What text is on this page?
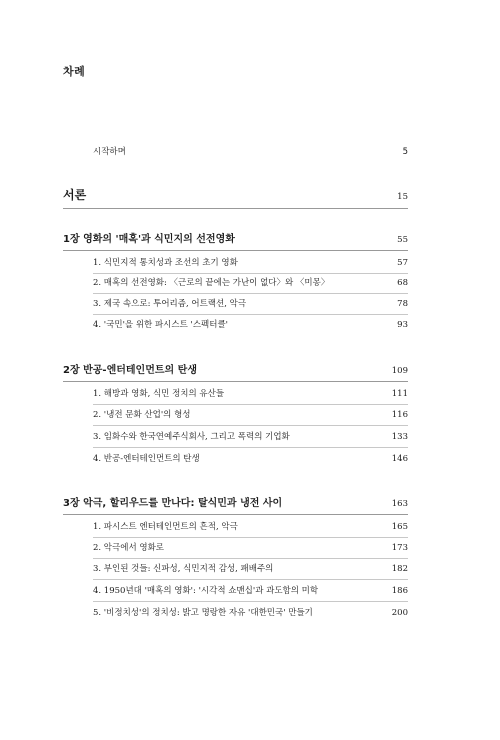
차례
시작하며	5
서론	15
1장 영화의 '매혹'과 식민지의 선전영화	55
1. 식민지적 통치성과 조선의 초기 영화	57
2. 매혹의 선전영화: 〈근로의 끝에는 가난이 없다〉와 〈미몽〉	68
3. 제국 속으로: 투어리즘, 어트랙션, 악극	78
4. '국민'을 위한 파시스트 '스펙터클'	93
2장 반공-엔터테인먼트의 탄생	109
1. 해방과 영화, 식민 정치의 유산들	111
2. '냉전 문화 산업'의 형성	116
3. 임화수와 한국연예주식회사, 그리고 폭력의 기업화	133
4. 반공-엔터테인먼트의 탄생	146
3장 악극, 할리우드를 만나다: 탈식민과 냉전 사이	163
1. 파시스트 엔터테인먼트의 흔적, 악극	165
2. 악극에서 영화로	173
3. 부인된 것들: 신파성, 식민지적 감성, 패배주의	182
4. 1950년대 '매혹의 영화': '시각적 쇼맨십'과 과도함의 미학	186
5. '비정치성'의 정치성: 밝고 명랑한 자유 '대한민국' 만들기	200
